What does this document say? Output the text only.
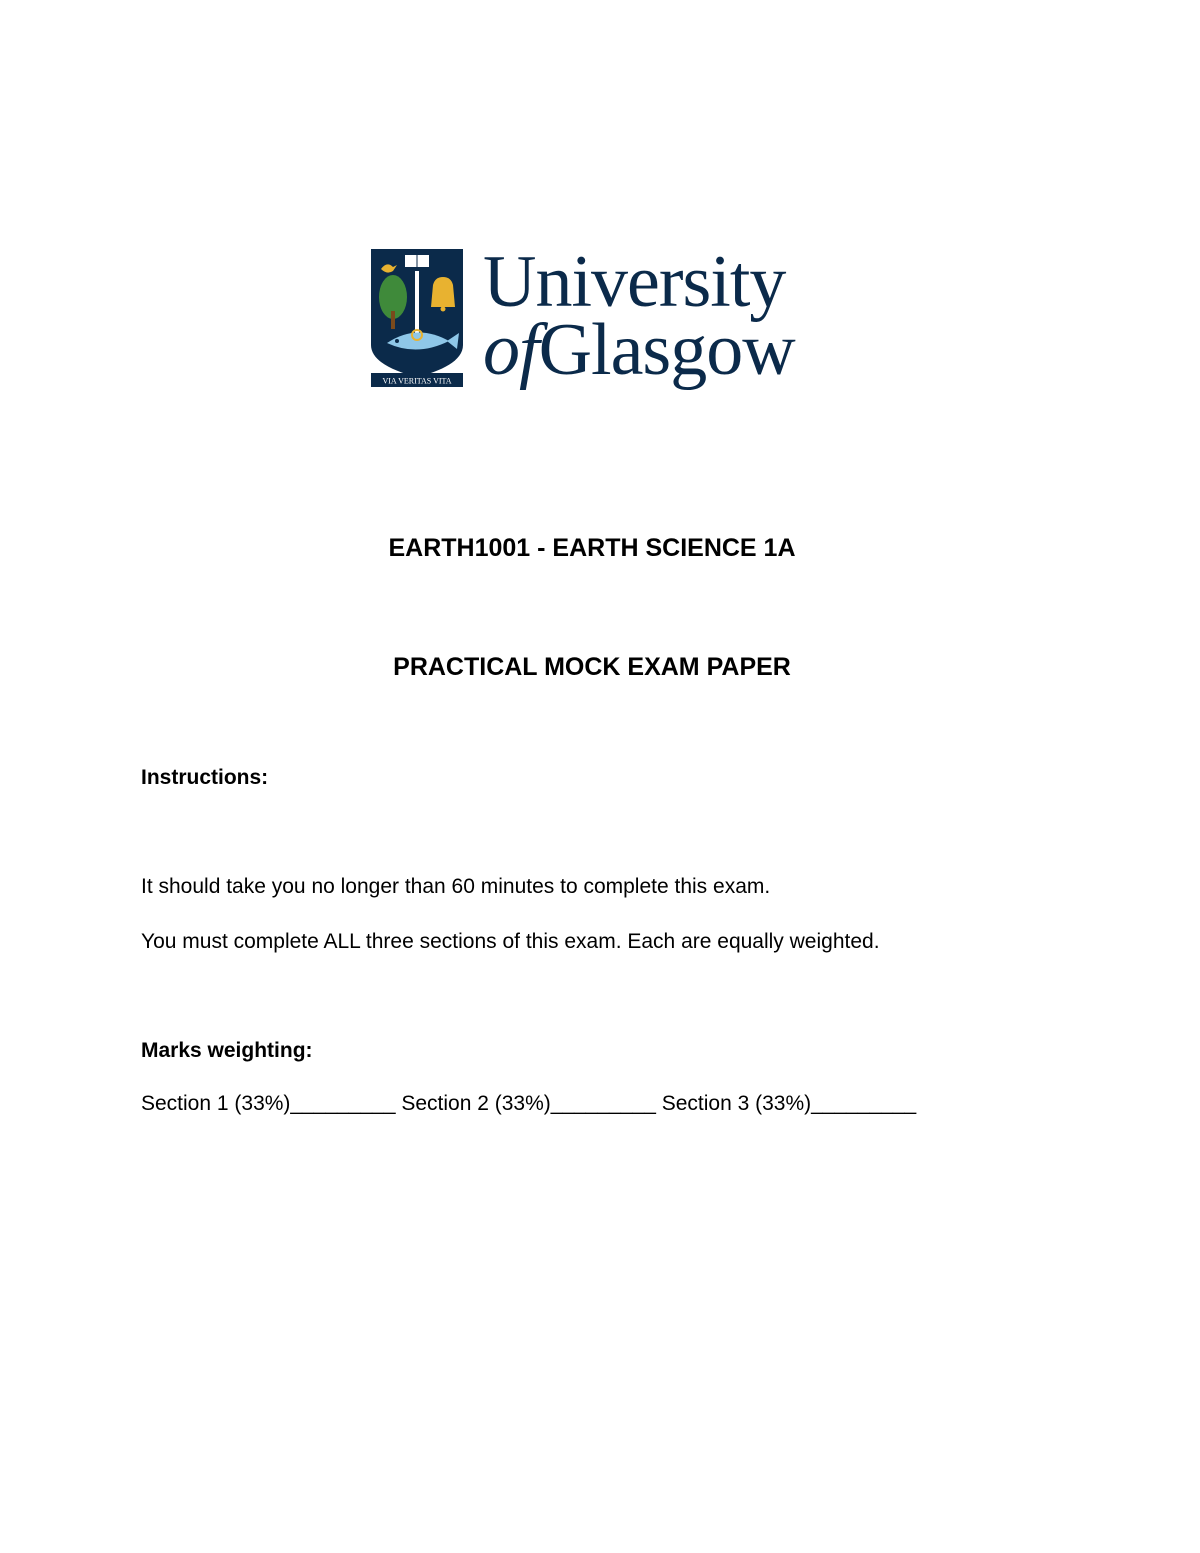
VIA VERITAS VITA
University
ofGlasgow
EARTH1001 - EARTH SCIENCE 1A
PRACTICAL MOCK EXAM PAPER
Instructions:
It should take you no longer than 60 minutes to complete this exam.
You must complete ALL three sections of this exam. Each are equally weighted.
Marks weighting:
Section 1 (33%)_________ Section 2 (33%)_________ Section 3 (33%)_________
